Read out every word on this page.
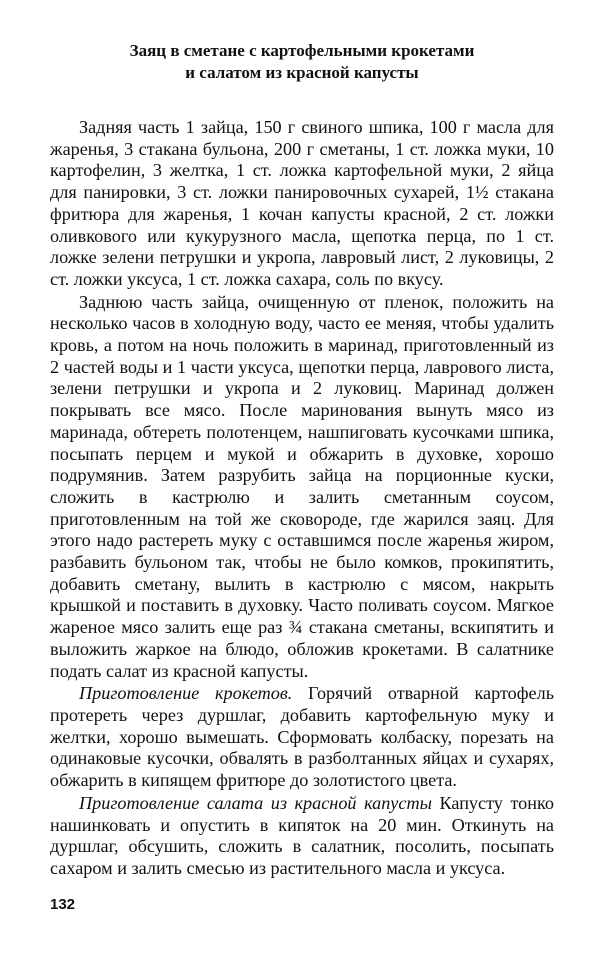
Заяц в сметане с картофельными крокетами
и салатом из красной капусты

Задняя часть 1 зайца, 150 г свиного шпика, 100 г масла для жаренья, 3 стакана бульона, 200 г сметаны, 1 ст. ложка муки, 10 картофелин, 3 желтка, 1 ст. ложка картофельной муки, 2 яйца для панировки, 3 ст. ложки панировочных сухарей, 1½ стакана фритюра для жаренья, 1 кочан капусты красной, 2 ст. ложки оливкового или кукурузного масла, щепотка перца, по 1 ст. ложке зелени петрушки и укропа, лавровый лист, 2 луковицы, 2 ст. ложки уксуса, 1 ст. ложка сахара, соль по вкусу.

Заднюю часть зайца, очищенную от пленок, положить на несколько часов в холодную воду, часто ее меняя, чтобы удалить кровь, а потом на ночь положить в маринад, приготовленный из 2 частей воды и 1 части уксуса, щепотки перца, лаврового листа, зелени петрушки и укропа и 2 луковиц. Маринад должен покрывать все мясо. После маринования вынуть мясо из маринада, обтереть полотенцем, нашпиговать кусочками шпика, посыпать перцем и мукой и обжарить в духовке, хорошо подрумянив. Затем разрубить зайца на порционные куски, сложить в кастрюлю и залить сметанным соусом, приготовленным на той же сковороде, где жарился заяц. Для этого надо растереть муку с оставшимся после жаренья жиром, разбавить бульоном так, чтобы не было комков, прокипятить, добавить сметану, вылить в кастрюлю с мясом, накрыть крышкой и поставить в духовку. Часто поливать соусом. Мягкое жареное мясо залить еще раз ¾ стакана сметаны, вскипятить и выложить жаркое на блюдо, обложив крокетами. В салатнике подать салат из красной капусты.

Приготовление крокетов. Горячий отварной картофель протереть через дуршлаг, добавить картофельную муку и желтки, хорошо вымешать. Сформовать колбаску, порезать на одинаковые кусочки, обвалять в разболтанных яйцах и сухарях, обжарить в кипящем фритюре до золотистого цвета.

Приготовление салата из красной капусты Капусту тонко нашинковать и опустить в кипяток на 20 мин. Откинуть на дуршлаг, обсушить, сложить в салатник, посолить, посыпать сахаром и залить смесью из растительного масла и уксуса.

132
